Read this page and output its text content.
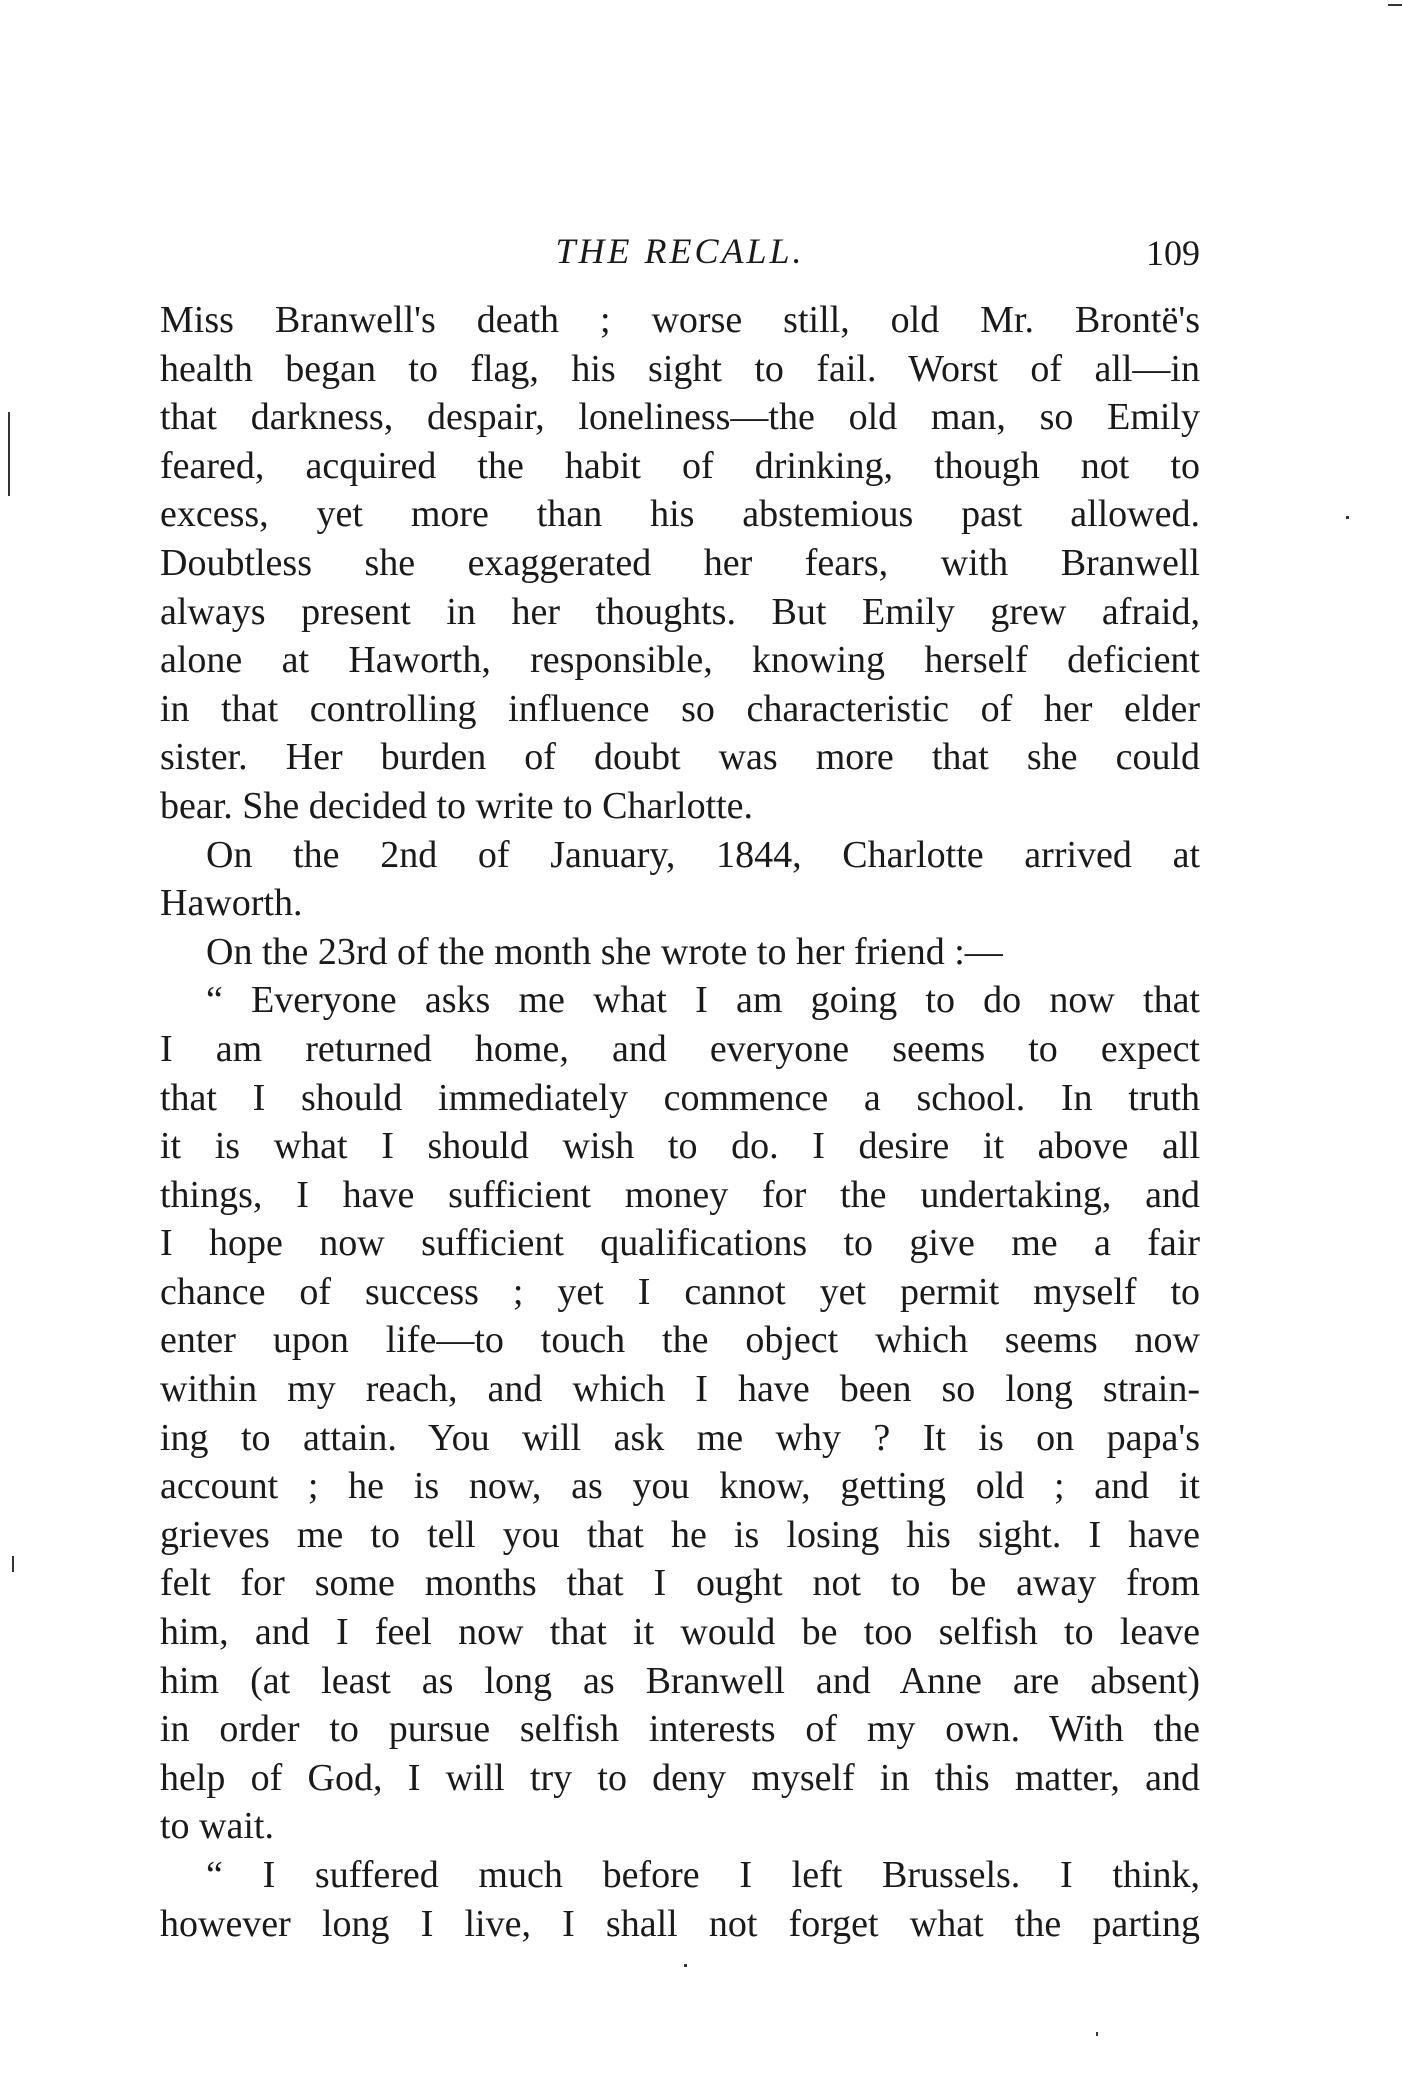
THE RECALL.	109
Miss Branwell's death ; worse still, old Mr. Brontë's
health began to flag, his sight to fail. Worst of all—in
that darkness, despair, loneliness—the old man, so Emily
feared, acquired the habit of drinking, though not to
excess, yet more than his abstemious past allowed.
Doubtless she exaggerated her fears, with Branwell
always present in her thoughts. But Emily grew afraid,
alone at Haworth, responsible, knowing herself deficient
in that controlling influence so characteristic of her elder
sister. Her burden of doubt was more that she could
bear. She decided to write to Charlotte.
On the 2nd of January, 1844, Charlotte arrived at
Haworth.
On the 23rd of the month she wrote to her friend :—
“ Everyone asks me what I am going to do now that
I am returned home, and everyone seems to expect
that I should immediately commence a school. In truth
it is what I should wish to do. I desire it above all
things, I have sufficient money for the undertaking, and
I hope now sufficient qualifications to give me a fair
chance of success ; yet I cannot yet permit myself to
enter upon life—to touch the object which seems now
within my reach, and which I have been so long strain-
ing to attain. You will ask me why ? It is on papa's
account ; he is now, as you know, getting old ; and it
grieves me to tell you that he is losing his sight. I have
felt for some months that I ought not to be away from
him, and I feel now that it would be too selfish to leave
him (at least as long as Branwell and Anne are absent)
in order to pursue selfish interests of my own. With the
help of God, I will try to deny myself in this matter, and
to wait.
“ I suffered much before I left Brussels. I think,
however long I live, I shall not forget what the parting
